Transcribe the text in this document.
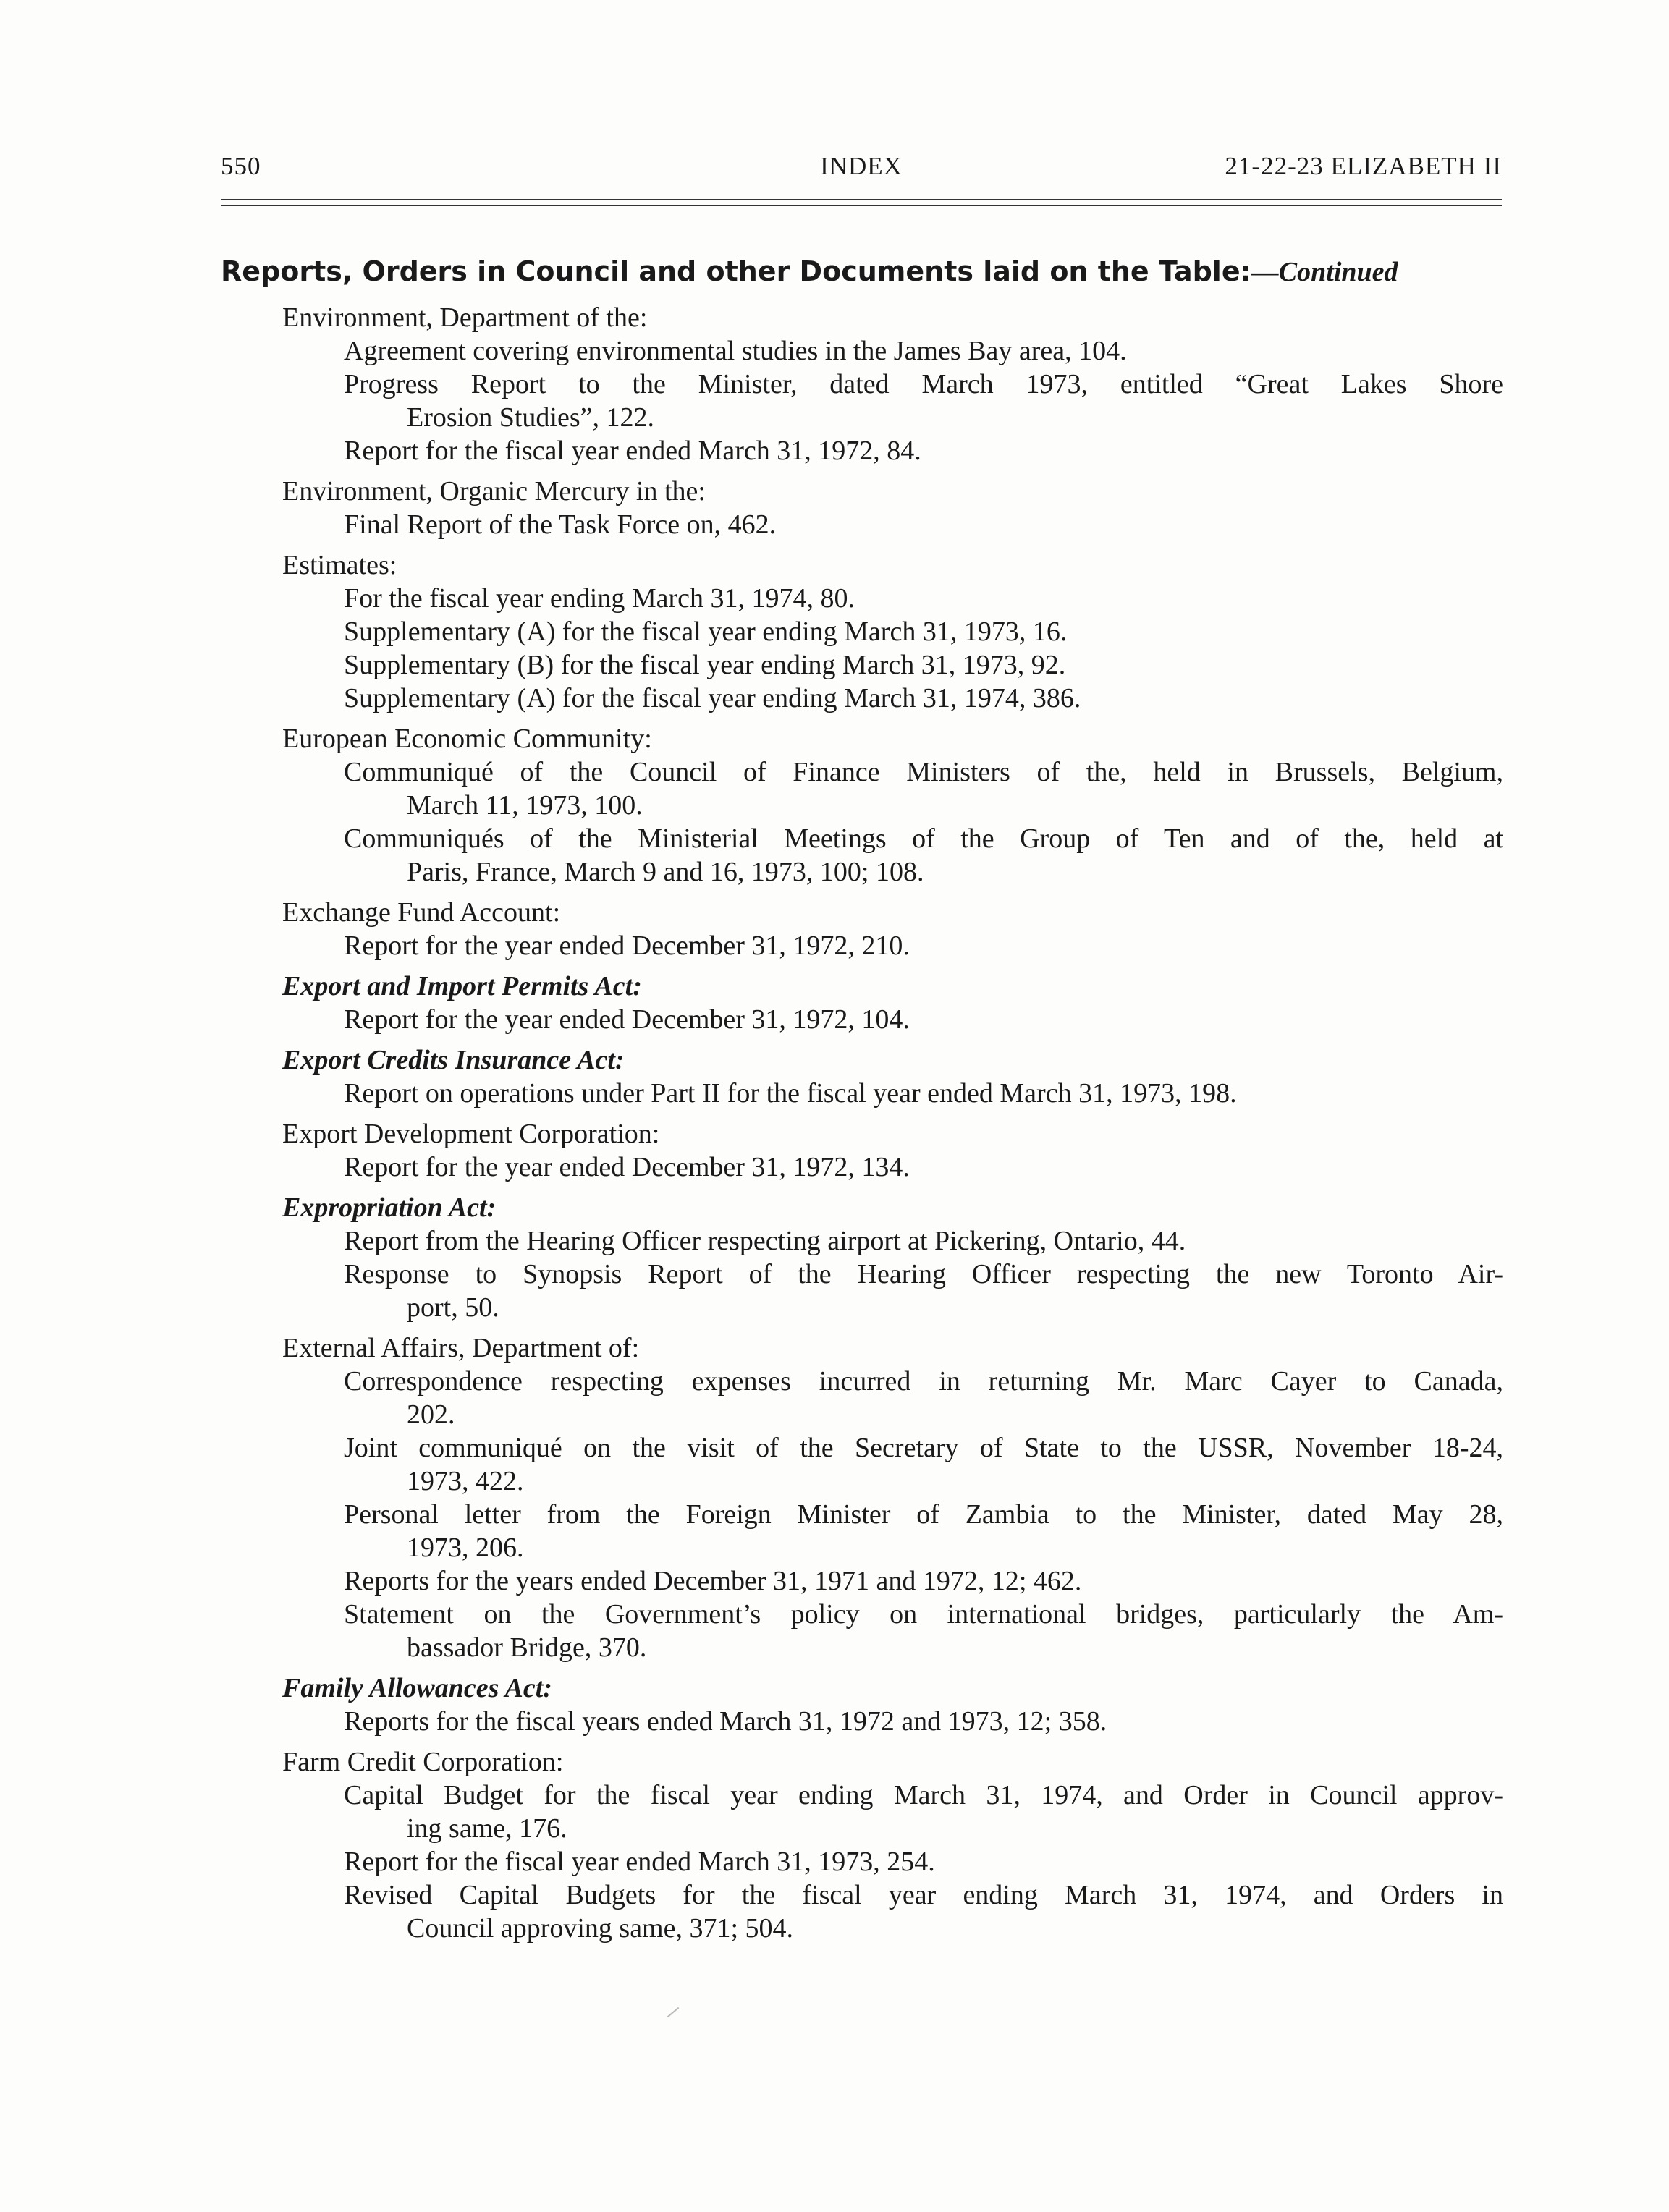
550	INDEX	21-22-23 ELIZABETH II
Reports, Orders in Council and other Documents laid on the Table:—Continued
Environment, Department of the:
Agreement covering environmental studies in the James Bay area, 104.
Progress Report to the Minister, dated March 1973, entitled “Great Lakes Shore
Erosion Studies”, 122.
Report for the fiscal year ended March 31, 1972, 84.
Environment, Organic Mercury in the:
Final Report of the Task Force on, 462.
Estimates:
For the fiscal year ending March 31, 1974, 80.
Supplementary (A) for the fiscal year ending March 31, 1973, 16.
Supplementary (B) for the fiscal year ending March 31, 1973, 92.
Supplementary (A) for the fiscal year ending March 31, 1974, 386.
European Economic Community:
Communiqué of the Council of Finance Ministers of the, held in Brussels, Belgium,
March 11, 1973, 100.
Communiqués of the Ministerial Meetings of the Group of Ten and of the, held at
Paris, France, March 9 and 16, 1973, 100; 108.
Exchange Fund Account:
Report for the year ended December 31, 1972, 210.
Export and Import Permits Act:
Report for the year ended December 31, 1972, 104.
Export Credits Insurance Act:
Report on operations under Part II for the fiscal year ended March 31, 1973, 198.
Export Development Corporation:
Report for the year ended December 31, 1972, 134.
Expropriation Act:
Report from the Hearing Officer respecting airport at Pickering, Ontario, 44.
Response to Synopsis Report of the Hearing Officer respecting the new Toronto Air-
port, 50.
External Affairs, Department of:
Correspondence respecting expenses incurred in returning Mr. Marc Cayer to Canada,
202.
Joint communiqué on the visit of the Secretary of State to the USSR, November 18-24,
1973, 422.
Personal letter from the Foreign Minister of Zambia to the Minister, dated May 28,
1973, 206.
Reports for the years ended December 31, 1971 and 1972, 12; 462.
Statement on the Government’s policy on international bridges, particularly the Am-
bassador Bridge, 370.
Family Allowances Act:
Reports for the fiscal years ended March 31, 1972 and 1973, 12; 358.
Farm Credit Corporation:
Capital Budget for the fiscal year ending March 31, 1974, and Order in Council approv-
ing same, 176.
Report for the fiscal year ended March 31, 1973, 254.
Revised Capital Budgets for the fiscal year ending March 31, 1974, and Orders in
Council approving same, 371; 504.
